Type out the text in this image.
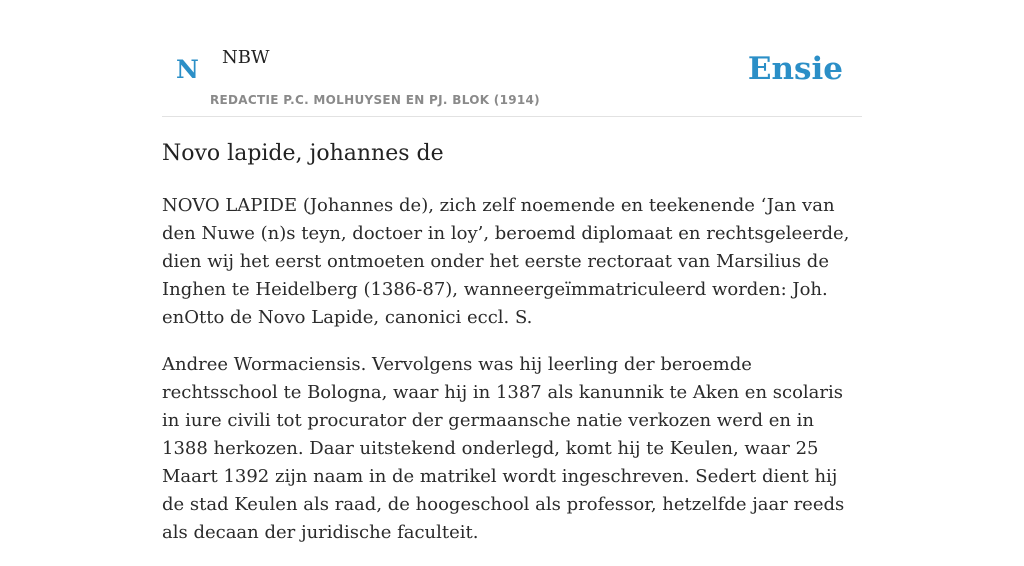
N NBW
REDACTIE P.C. MOLHUYSEN EN PJ. BLOK (1914)
Ensie
Novo lapide, johannes de

NOVO LAPIDE (Johannes de), zich zelf noemende en teekenende ‘Jan van den Nuwe (n)s teyn, doctoer in loy’, beroemd diplomaat en rechtsgeleerde, dien wij het eerst ontmoeten onder het eerste rectoraat van Marsilius de Inghen te Heidelberg (1386-87), wanneergeïmmatriculeerd worden: Joh. enOtto de Novo Lapide, canonici eccl. S.

Andree Wormaciensis. Vervolgens was hij leerling der beroemde rechtsschool te Bologna, waar hij in 1387 als kanunnik te Aken en scolaris in iure civili tot procurator der germaansche natie verkozen werd en in 1388 herkozen. Daar uitstekend onderlegd, komt hij te Keulen, waar 25 Maart 1392 zijn naam in de matrikel wordt ingeschreven. Sedert dient hij de stad Keulen als raad, de hoogeschool als professor, hetzelfde jaar reeds als decaan der juridische faculteit.
